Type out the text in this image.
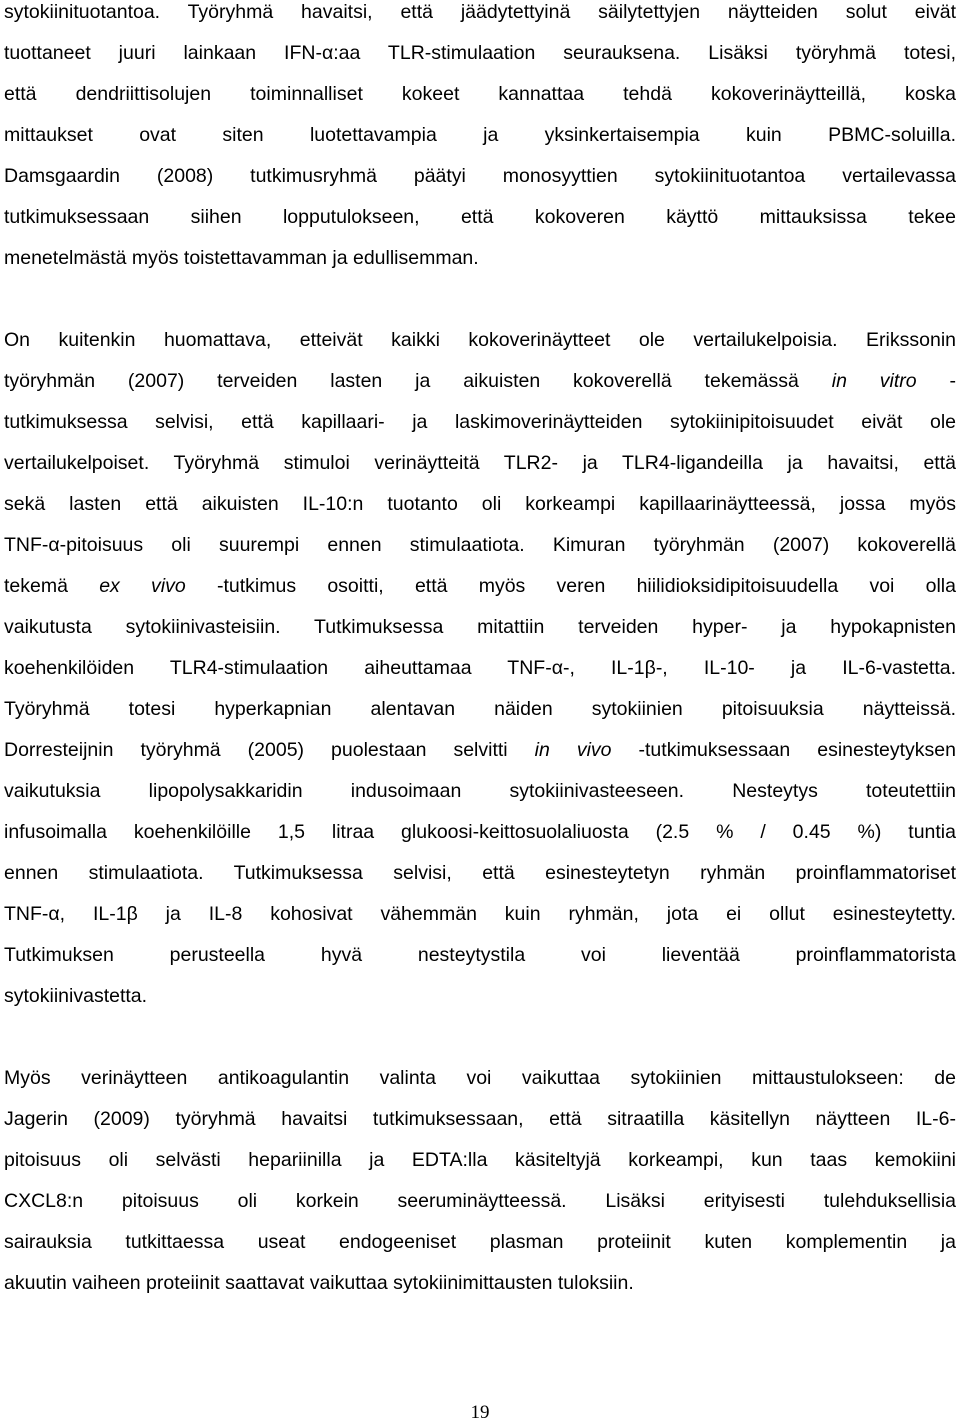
sytokiinituotantoa. Työryhmä havaitsi, että jäädytettyinä säilytettyjen näytteiden solut eivät
tuottaneet juuri lainkaan IFN-α:aa TLR-stimulaation seurauksena. Lisäksi työryhmä totesi,
että dendriittisolujen toiminnalliset kokeet kannattaa tehdä kokoverinäytteillä, koska
mittaukset ovat siten luotettavampia ja yksinkertaisempia kuin PBMC-soluilla.
Damsgaardin (2008) tutkimusryhmä päätyi monosyyttien sytokiinituotantoa vertailevassa
tutkimuksessaan siihen lopputulokseen, että kokoveren käyttö mittauksissa tekee
menetelmästä myös toistettavamman ja edullisemman.
On kuitenkin huomattava, etteivät kaikki kokoverinäytteet ole vertailukelpoisia. Erikssonin
työryhmän (2007) terveiden lasten ja aikuisten kokoverellä tekemässä in vitro -
tutkimuksessa selvisi, että kapillaari- ja laskimoverinäytteiden sytokiinipitoisuudet eivät ole
vertailukelpoiset. Työryhmä stimuloi verinäytteitä TLR2- ja TLR4-ligandeilla ja havaitsi, että
sekä lasten että aikuisten IL-10:n tuotanto oli korkeampi kapillaarinäytteessä, jossa myös
TNF-α-pitoisuus oli suurempi ennen stimulaatiota. Kimuran työryhmän (2007) kokoverellä
tekemä ex vivo -tutkimus osoitti, että myös veren hiilidioksidipitoisuudella voi olla
vaikutusta sytokiinivasteisiin. Tutkimuksessa mitattiin terveiden hyper- ja hypokapnisten
koehenkilöiden TLR4-stimulaation aiheuttamaa TNF-α-, IL-1β-, IL-10- ja IL-6-vastetta.
Työryhmä totesi hyperkapnian alentavan näiden sytokiinien pitoisuuksia näytteissä.
Dorresteijnin työryhmä (2005) puolestaan selvitti in vivo -tutkimuksessaan esinesteytyksen
vaikutuksia lipopolysakkaridin indusoimaan sytokiinivasteeseen. Nesteytys toteutettiin
infusoimalla koehenkilöille 1,5 litraa glukoosi-keittosuolaliuosta (2.5 % / 0.45 %) tuntia
ennen stimulaatiota. Tutkimuksessa selvisi, että esinesteytetyn ryhmän proinflammatoriset
TNF-α, IL-1β ja IL-8 kohosivat vähemmän kuin ryhmän, jota ei ollut esinesteytetty.
Tutkimuksen perusteella hyvä nesteytystila voi lieventää proinflammatorista
sytokiinivastetta.
Myös verinäytteen antikoagulantin valinta voi vaikuttaa sytokiinien mittaustulokseen: de
Jagerin (2009) työryhmä havaitsi tutkimuksessaan, että sitraatilla käsitellyn näytteen IL-6-
pitoisuus oli selvästi hepariinilla ja EDTA:lla käsiteltyjä korkeampi, kun taas kemokiini
CXCL8:n pitoisuus oli korkein seeruminäytteessä. Lisäksi erityisesti tulehduksellisia
sairauksia tutkittaessa useat endogeeniset plasman proteiinit kuten komplementin ja
akuutin vaiheen proteiinit saattavat vaikuttaa sytokiinimittausten tuloksiin.
19
